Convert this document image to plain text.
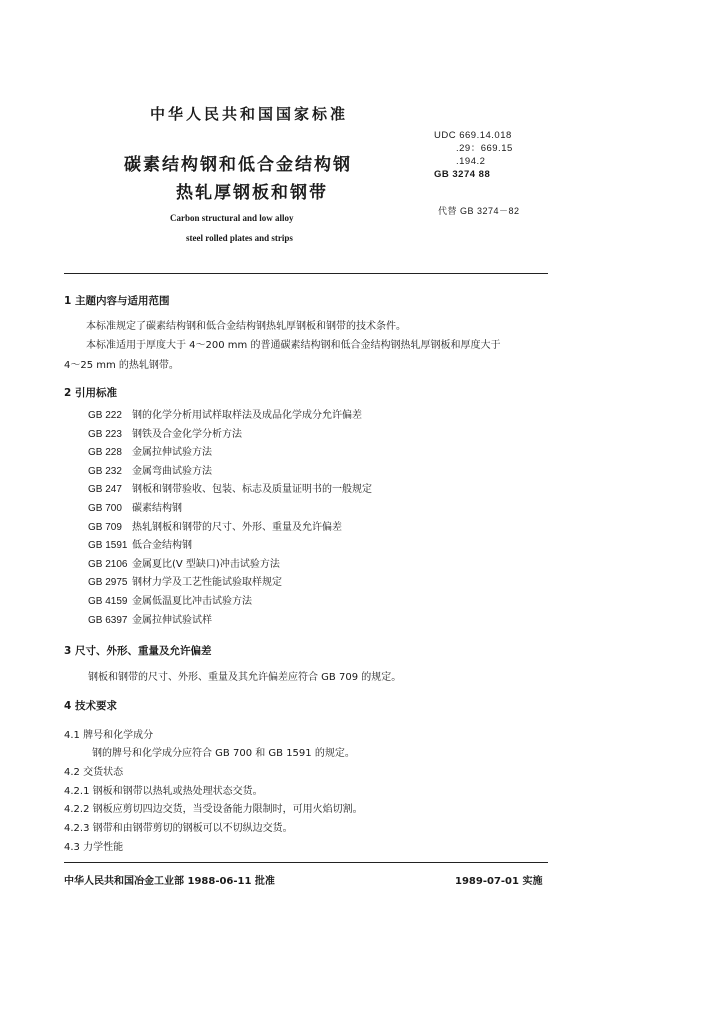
中华人民共和国国家标准
碳素结构钢和低合金结构钢
热轧厚钢板和钢带
Carbon structural and low alloy
steel rolled plates and strips
UDC 669.14.018
.29：669.15
.194.2
GB 3274 88
代替 GB 3274－82
1 主题内容与适用范围
本标准规定了碳素结构钢和低合金结构钢热轧厚钢板和钢带的技术条件。
本标准适用于厚度大于 4～200 mm 的普通碳素结构钢和低合金结构钢热轧厚钢板和厚度大于
4～25 mm 的热轧钢带。
2 引用标准
GB 222 钢的化学分析用试样取样法及成品化学成分允许偏差
GB 223 钢铁及合金化学分析方法
GB 228 金属拉伸试验方法
GB 232 金属弯曲试验方法
GB 247 钢板和钢带验收、包装、标志及质量证明书的一般规定
GB 700 碳素结构钢
GB 709 热轧钢板和钢带的尺寸、外形、重量及允许偏差
GB 1591 低合金结构钢
GB 2106 金属夏比(V 型缺口)冲击试验方法
GB 2975 钢材力学及工艺性能试验取样规定
GB 4159 金属低温夏比冲击试验方法
GB 6397 金属拉伸试验试样
3 尺寸、外形、重量及允许偏差
钢板和钢带的尺寸、外形、重量及其允许偏差应符合 GB 709 的规定。
4 技术要求
4.1 牌号和化学成分
钢的牌号和化学成分应符合 GB 700 和 GB 1591 的规定。
4.2 交货状态
4.2.1 钢板和钢带以热轧或热处理状态交货。
4.2.2 钢板应剪切四边交货，当受设备能力限制时，可用火焰切割。
4.2.3 钢带和由钢带剪切的钢板可以不切纵边交货。
4.3 力学性能
中华人民共和国冶金工业部 1988-06-11 批准	1989-07-01 实施
